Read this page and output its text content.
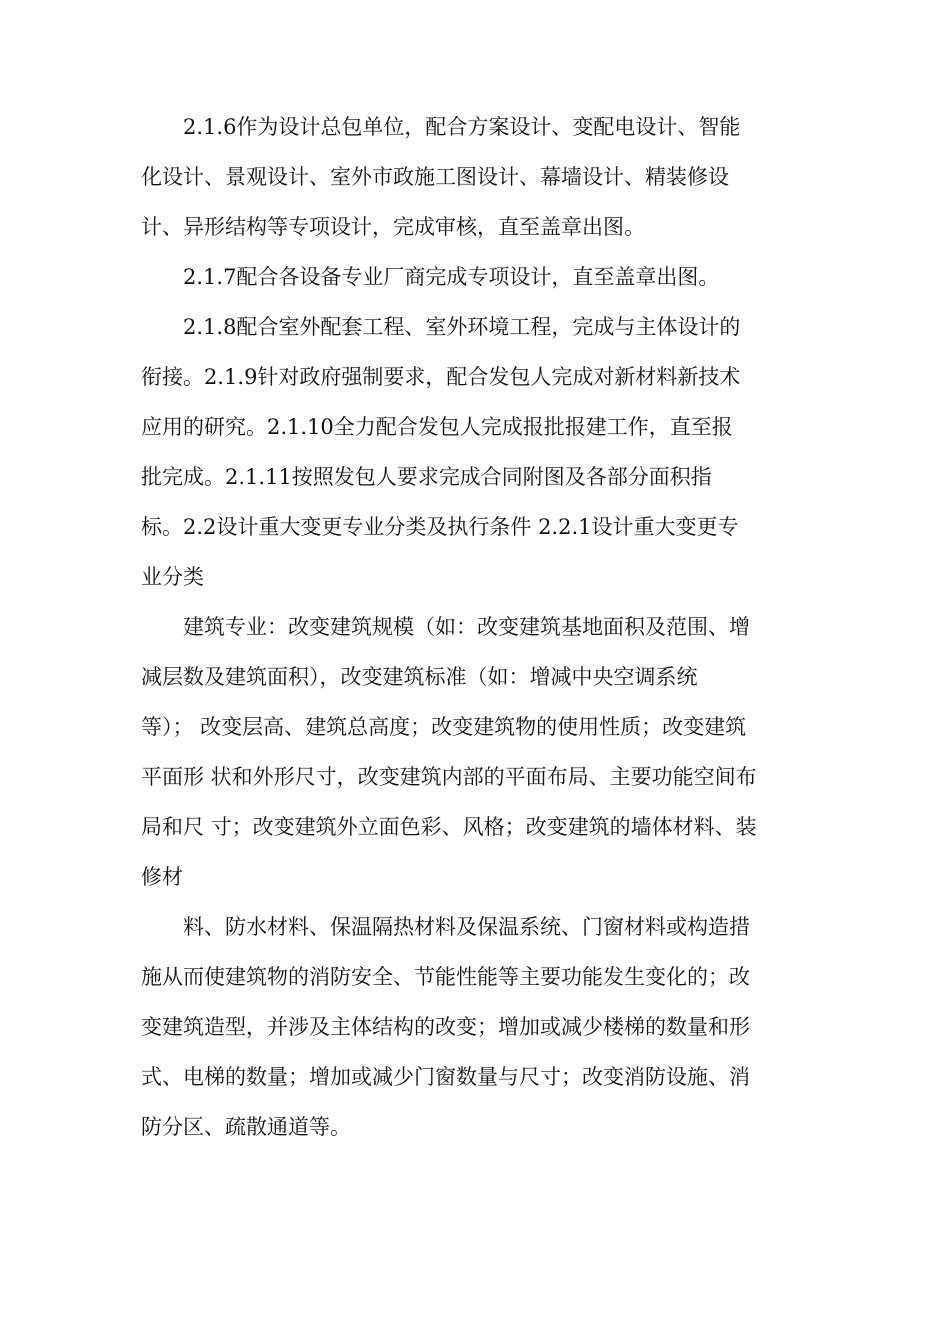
2.1.6作为设计总包单位，配合方案设计、变配电设计、智能
化设计、景观设计、室外市政施工图设计、幕墙设计、精装修设
计、异形结构等专项设计，完成审核，直至盖章出图。
2.1.7配合各设备专业厂商完成专项设计，直至盖章出图。
2.1.8配合室外配套工程、室外环境工程，完成与主体设计的
衔接。2.1.9针对政府强制要求，配合发包人完成对新材料新技术
应用的研究。2.1.10全力配合发包人完成报批报建工作，直至报
批完成。2.1.11按照发包人要求完成合同附图及各部分面积指
标。2.2设计重大变更专业分类及执行条件 2.2.1设计重大变更专
业分类
建筑专业：改变建筑规模（如：改变建筑基地面积及范围、增
减层数及建筑面积），改变建筑标准（如：增减中央空调系统
等）； 改变层高、建筑总高度；改变建筑物的使用性质；改变建筑
平面形 状和外形尺寸，改变建筑内部的平面布局、主要功能空间布
局和尺 寸；改变建筑外立面色彩、风格；改变建筑的墙体材料、装
修材
料、防水材料、保温隔热材料及保温系统、门窗材料或构造措
施从而使建筑物的消防安全、节能性能等主要功能发生变化的；改
变建筑造型，并涉及主体结构的改变；增加或减少楼梯的数量和形
式、电梯的数量；增加或减少门窗数量与尺寸；改变消防设施、消
防分区、疏散通道等。
